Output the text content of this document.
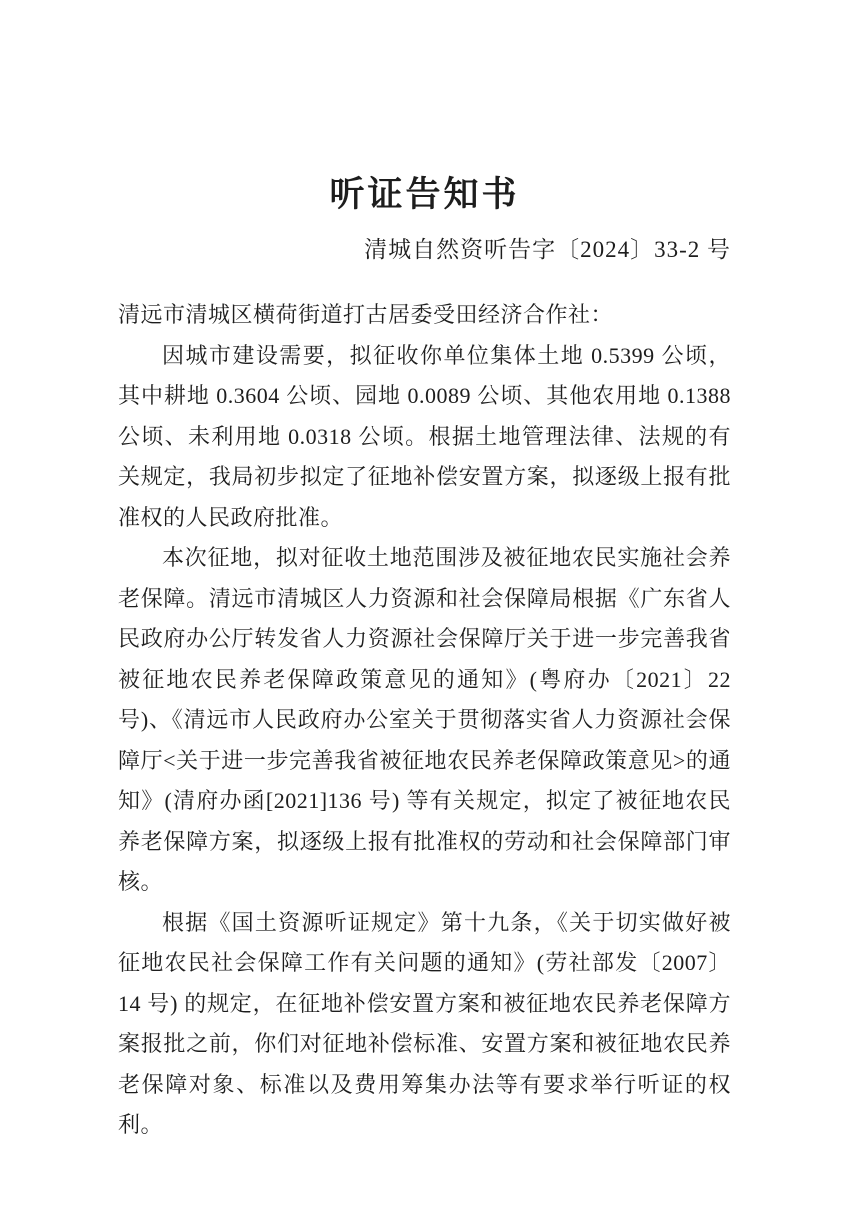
听证告知书
清城自然资听告字〔2024〕33-2 号

清远市清城区横荷街道打古居委受田经济合作社：

因城市建设需要，拟征收你单位集体土地 0.5399 公顷，其中耕地 0.3604 公顷、园地 0.0089 公顷、其他农用地 0.1388 公顷、未利用地 0.0318 公顷。根据土地管理法律、法规的有关规定，我局初步拟定了征地补偿安置方案，拟逐级上报有批准权的人民政府批准。

本次征地，拟对征收土地范围涉及被征地农民实施社会养老保障。清远市清城区人力资源和社会保障局根据《广东省人民政府办公厅转发省人力资源社会保障厅关于进一步完善我省被征地农民养老保障政策意见的通知》(粤府办〔2021〕22 号)、《清远市人民政府办公室关于贯彻落实省人力资源社会保障厅<关于进一步完善我省被征地农民养老保障政策意见>的通知》(清府办函[2021]136 号) 等有关规定，拟定了被征地农民养老保障方案，拟逐级上报有批准权的劳动和社会保障部门审核。

根据《国土资源听证规定》第十九条，《关于切实做好被征地农民社会保障工作有关问题的通知》(劳社部发〔2007〕14 号) 的规定，在征地补偿安置方案和被征地农民养老保障方案报批之前，你们对征地补偿标准、安置方案和被征地农民养老保障对象、标准以及费用筹集办法等有要求举行听证的权利。
